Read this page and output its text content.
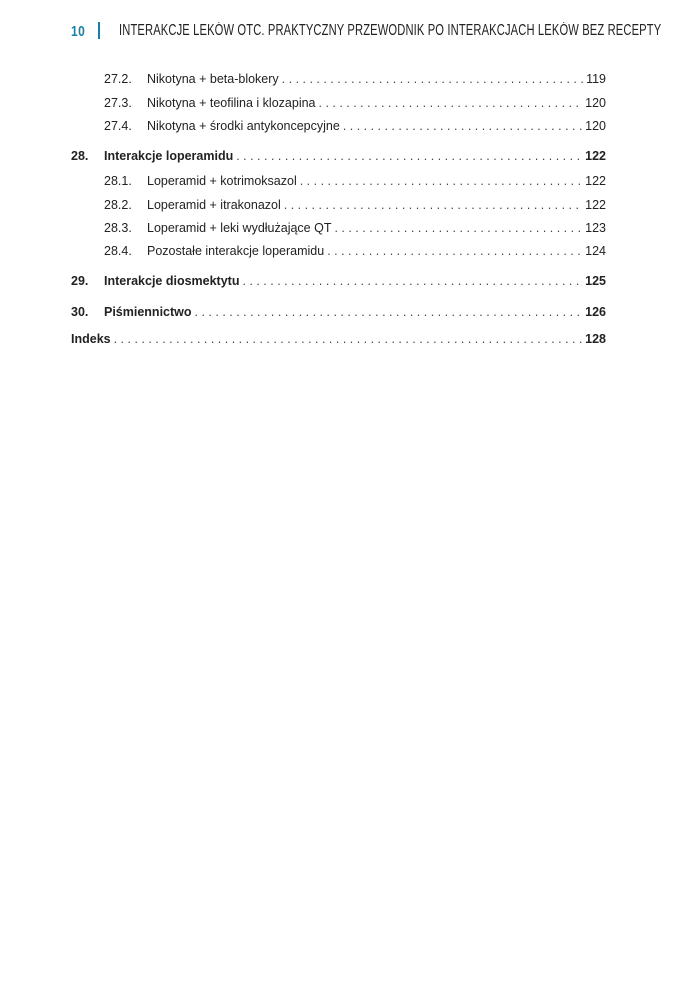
10 INTERAKCJE LEKÓW OTC. PRAKTYCZNY PRZEWODNIK PO INTERAKCJACH LEKÓW BEZ RECEPTY
27.2.	Nikotyna + beta-blokery . . .	119
27.3.	Nikotyna + teofilina i klozapina . . .	120
27.4.	Nikotyna + środki antykoncepcyjne . . .	120
28.	Interakcje loperamidu . . .	122
28.1.	Loperamid + kotrimoksazol . . .	122
28.2.	Loperamid + itrakonazol . . .	122
28.3.	Loperamid + leki wydłużające QT . . .	123
28.4.	Pozostałe interakcje loperamidu . . .	124
29.	Interakcje diosmektytu . . .	125
30.	Piśmiennictwo . . .	126
Indeks . . .	128
